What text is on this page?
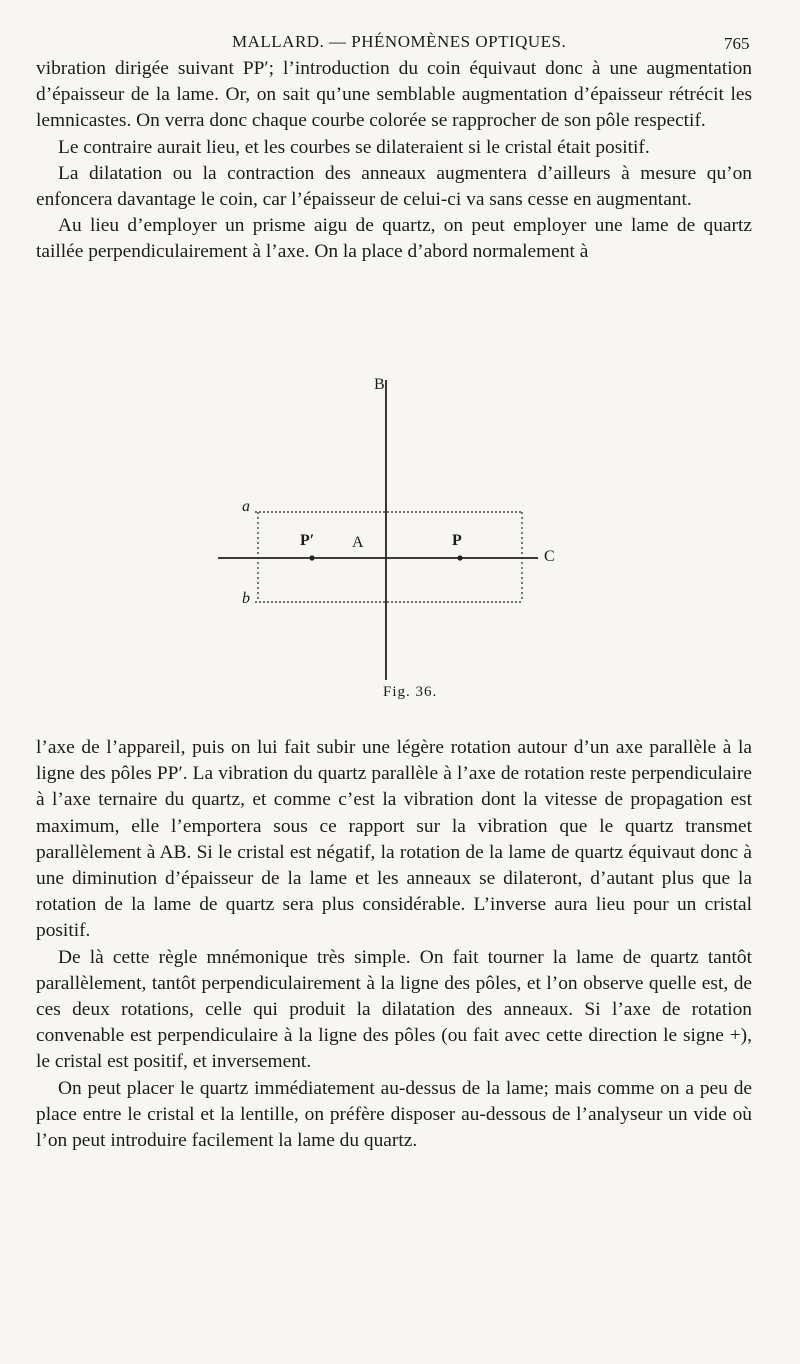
MALLARD. — PHÉNOMÈNES OPTIQUES.	765

vibration dirigée suivant PP′; l’introduction du coin équivaut donc à une augmentation d’épaisseur de la lame. Or, on sait qu’une semblable augmentation d’épaisseur rétrécit les lemnicastes. On verra donc chaque courbe colorée se rapprocher de son pôle respectif.

Le contraire aurait lieu, et les courbes se dilateraient si le cristal était positif.

La dilatation ou la contraction des anneaux augmentera d’ailleurs à mesure qu’on enfoncera davantage le coin, car l’épaisseur de celui-ci va sans cesse en augmentant.

Au lieu d’employer un prisme aigu de quartz, on peut employer une lame de quartz taillée perpendiculairement à l’axe. On la place d’abord normalement à

B
a
b
C
P′ A	P
Fig. 36.

l’axe de l’appareil, puis on lui fait subir une légère rotation autour d’un axe parallèle à la ligne des pôles PP′. La vibration du quartz parallèle à l’axe de rotation reste perpendiculaire à l’axe ternaire du quartz, et comme c’est la vibration dont la vitesse de propagation est maximum, elle l’emportera sous ce rapport sur la vibration que le quartz transmet parallèlement à AB. Si le cristal est négatif, la rotation de la lame de quartz équivaut donc à une diminution d’épaisseur de la lame et les anneaux se dilateront, d’autant plus que la rotation de la lame de quartz sera plus considérable. L’inverse aura lieu pour un cristal positif.

De là cette règle mnémonique très simple. On fait tourner la lame de quartz tantôt parallèlement, tantôt perpendiculairement à la ligne des pôles, et l’on observe quelle est, de ces deux rotations, celle qui produit la dilatation des anneaux. Si l’axe de rotation convenable est perpendiculaire à la ligne des pôles (ou fait avec cette direction le signe +), le cristal est positif, et inversement.

On peut placer le quartz immédiatement au-dessus de la lame; mais comme on a peu de place entre le cristal et la lentille, on préfère disposer au-dessous de l’analyseur un vide où l’on peut introduire facilement la lame du quartz.
